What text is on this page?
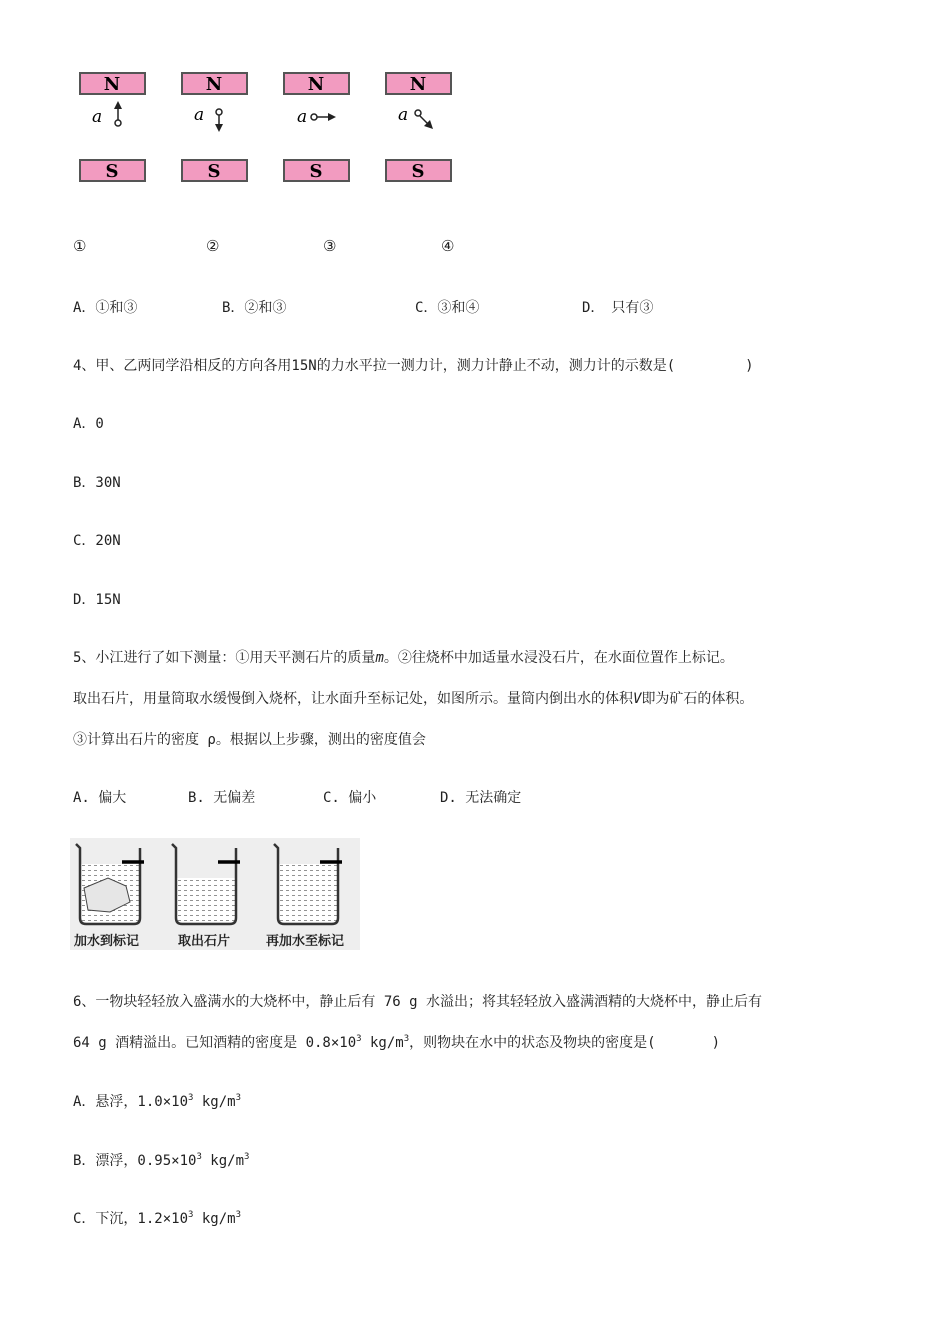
N
a
S
N
a
S
N
a
S
N
a
S
①	②	③	④
A．①和③	B．②和③	C．③和④	D．　只有③
4、甲、乙两同学沿相反的方向各用15N的力水平拉一测力计，测力计静止不动，测力计的示数是(　　　　　)
A．0
B．30N
C．20N
D．15N
5、小江进行了如下测量：①用天平测石片的质量m。②往烧杯中加适量水浸没石片，在水面位置作上标记。
取出石片，用量筒取水缓慢倒入烧杯，让水面升至标记处，如图所示。量筒内倒出水的体积V即为矿石的体积。
③计算出石片的密度 ρ。根据以上步骤，测出的密度值会
A. 偏大	B. 无偏差	C. 偏小	D. 无法确定
加水到标记	取出石片	再加水至标记
6、一物块轻轻放入盛满水的大烧杯中，静止后有 76 g 水溢出；将其轻轻放入盛满酒精的大烧杯中，静止后有
64 g 酒精溢出。已知酒精的密度是 $0.8\times 10^3$ $kg/m^3$，则物块在水中的状态及物块的密度是(　　　　)
A．悬浮，$1.0\times 10^3$ $kg/m^3$
B．漂浮，$0.95\times 10^3$ $kg/m^3$
C．下沉，$1.2\times 10^3$ $kg/m^3$
